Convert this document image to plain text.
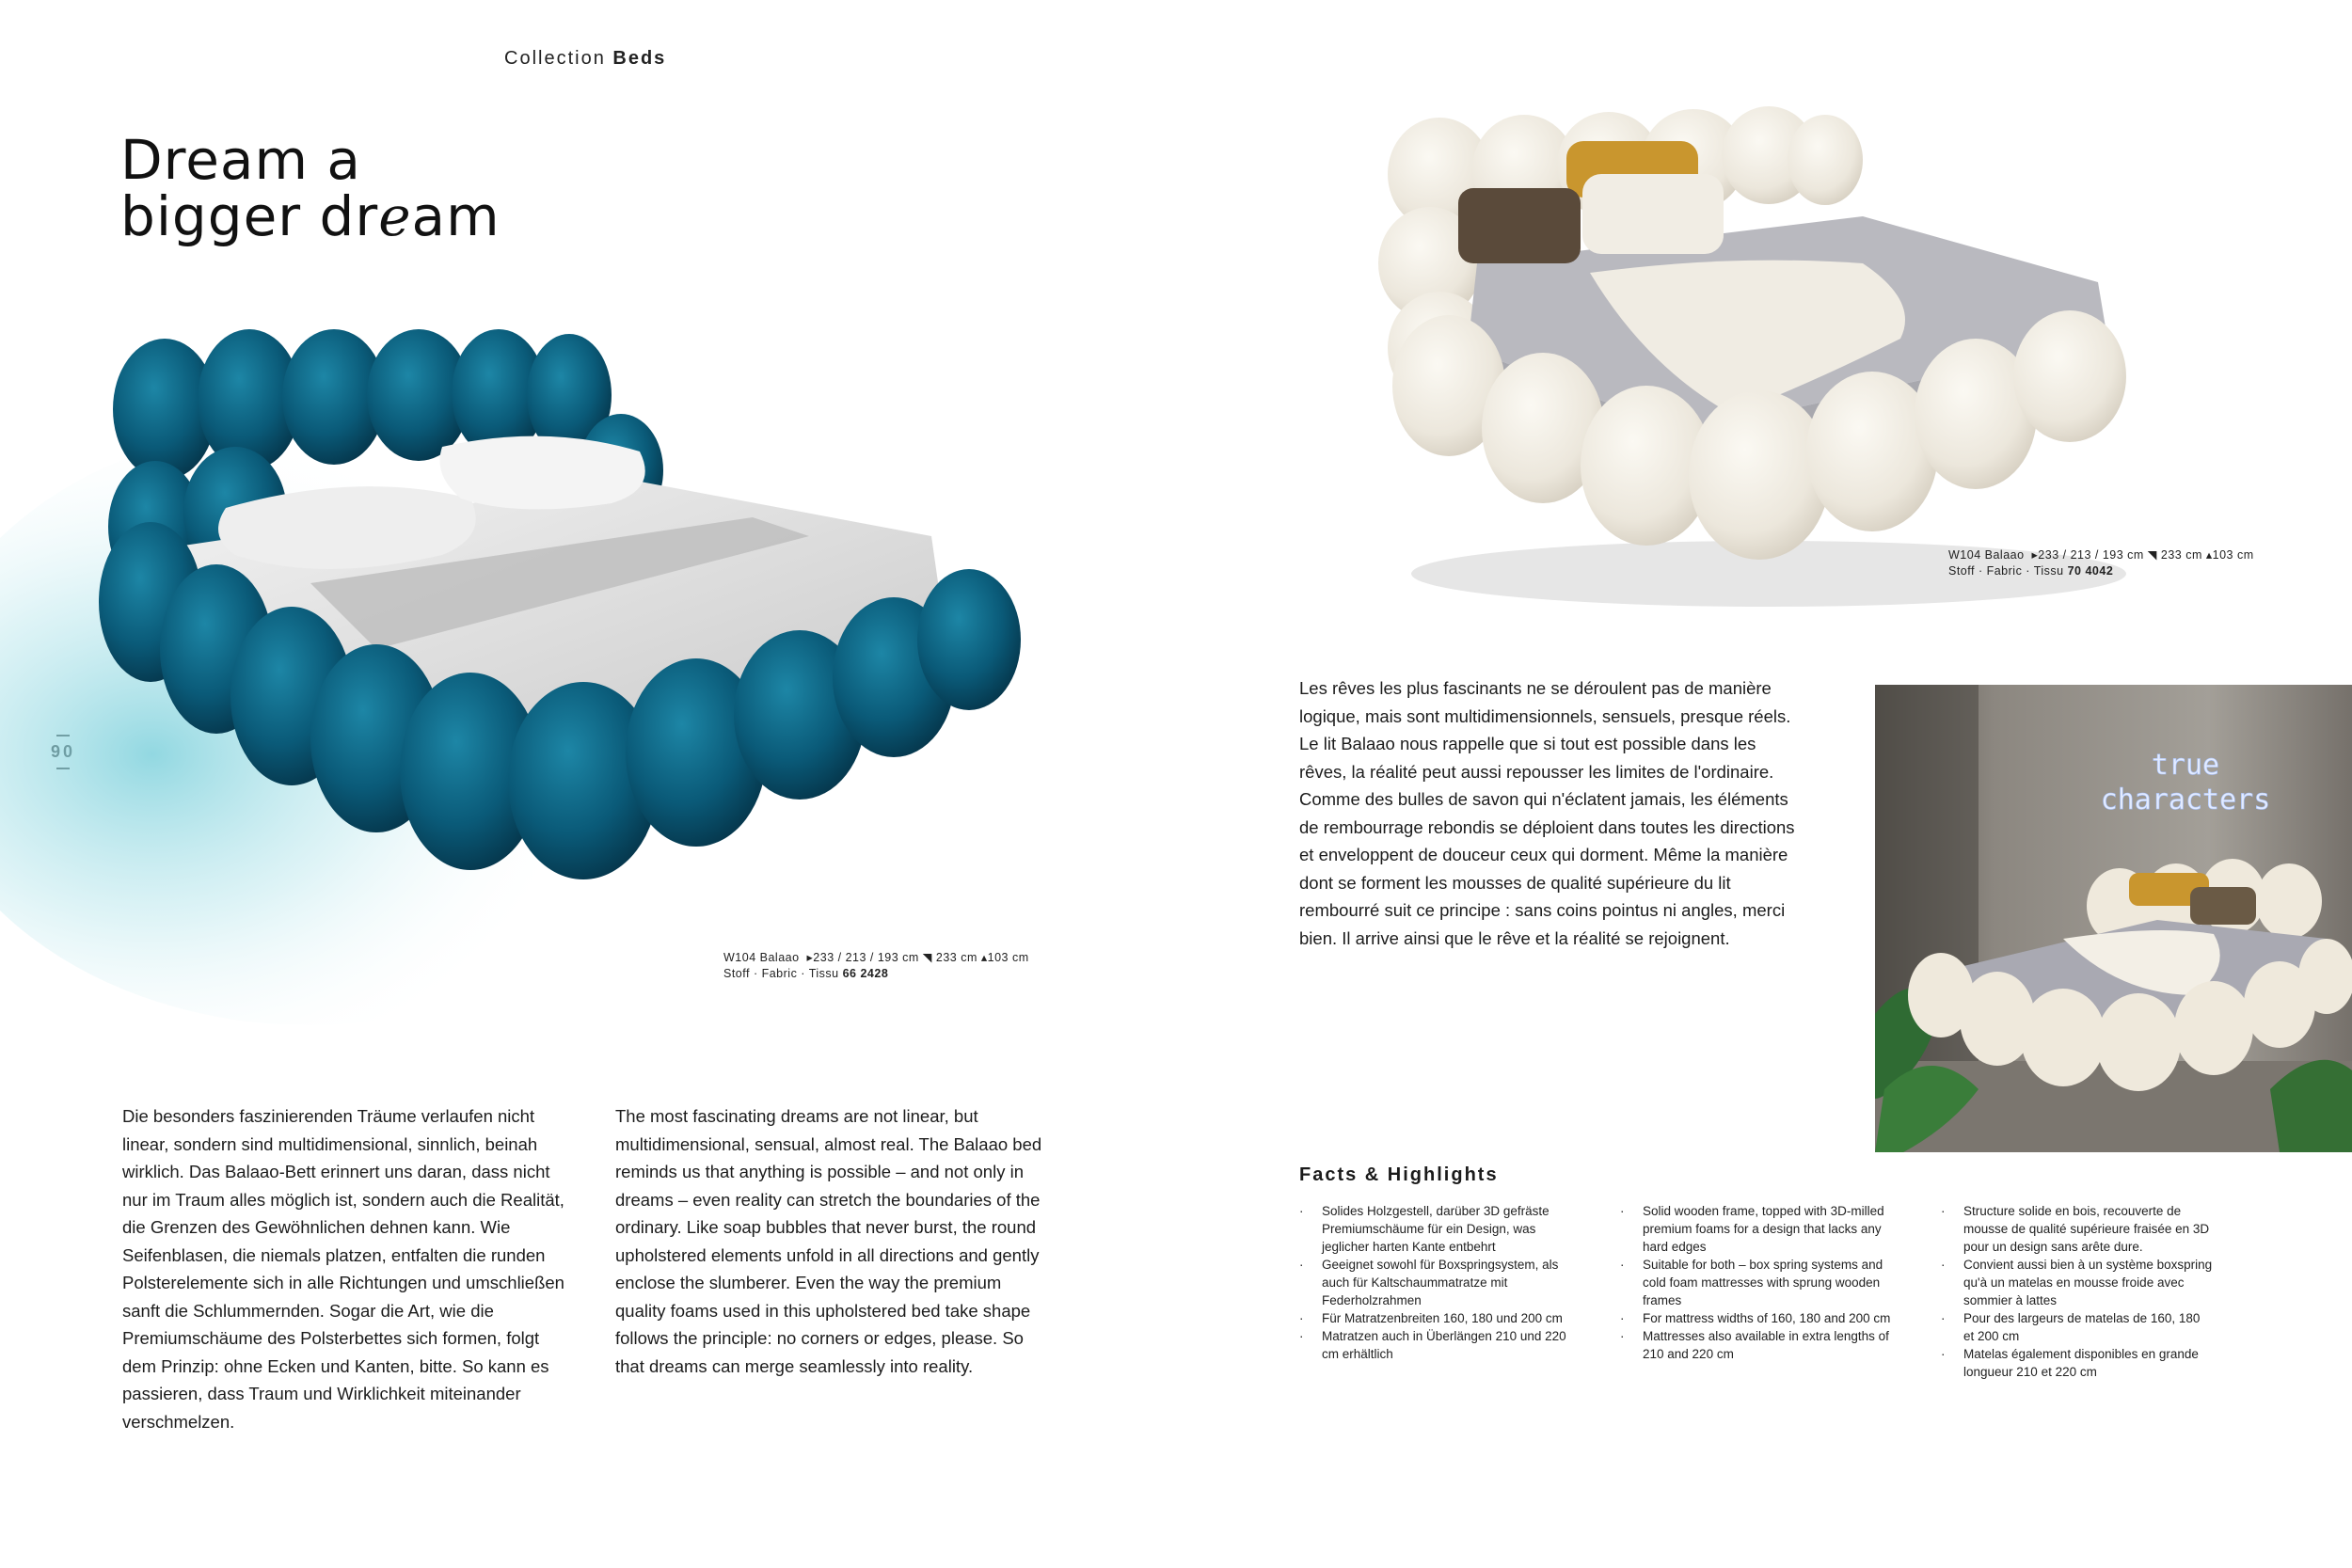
Collection Beds
Dream a
bigger dream
W104 Balaao ▸233 / 213 / 193 cm ◥ 233 cm ▴103 cm
Stoff · Fabric · Tissu 66 2428
Die besonders faszinierenden Träume verlaufen nicht linear, sondern sind multidimensional, sinnlich, beinah wirklich. Das Balaao-Bett erinnert uns daran, dass nicht nur im Traum alles möglich ist, sondern auch die Realität, die Grenzen des Gewöhnlichen dehnen kann. Wie Seifenblasen, die niemals platzen, entfalten die runden Polsterelemente sich in alle Richtungen und umschließen sanft die Schlummernden. Sogar die Art, wie die Premiumschäume des Polsterbettes sich formen, folgt dem Prinzip: ohne Ecken und Kanten, bitte. So kann es passieren, dass Traum und Wirklichkeit miteinander verschmelzen.
The most fascinating dreams are not linear, but multidimensional, sensual, almost real. The Balaao bed reminds us that anything is possible – and not only in dreams – even reality can stretch the boundaries of the ordinary. Like soap bubbles that never burst, the round upholstered elements unfold in all directions and gently enclose the slumberer. Even the way the premium quality foams used in this upholstered bed take shape follows the principle: no corners or edges, please. So that dreams can merge seamlessly into reality.
W104 Balaao ▸233 / 213 / 193 cm ◥ 233 cm ▴103 cm
Stoff · Fabric · Tissu 70 4042
Les rêves les plus fascinants ne se déroulent pas de manière logique, mais sont multidimensionnels, sensuels, presque réels. Le lit Balaao nous rappelle que si tout est possible dans les rêves, la réalité peut aussi repousser les limites de l'ordinaire. Comme des bulles de savon qui n'éclatent jamais, les éléments de rembourrage rebondis se déploient dans toutes les directions et enveloppent de douceur ceux qui dorment. Même la manière dont se forment les mousses de qualité supérieure du lit rembourré suit ce principe : sans coins pointus ni angles, merci bien. Il arrive ainsi que le rêve et la réalité se rejoignent.
true
characters
Facts & Highlights
· Solides Holzgestell, darüber 3D gefräste Premiumschäume für ein Design, was jeglicher harten Kante entbehrt
· Geeignet sowohl für Boxspringsystem, als auch für Kaltschaummatratze mit Federholzrahmen
· Für Matratzenbreiten 160, 180 und 200 cm
· Matratzen auch in Überlängen 210 und 220 cm erhältlich
· Solid wooden frame, topped with 3D-milled premium foams for a design that lacks any hard edges
· Suitable for both – box spring systems and cold foam mattresses with sprung wooden frames
· For mattress widths of 160, 180 and 200 cm
· Mattresses also available in extra lengths of 210 and 220 cm
· Structure solide en bois, recouverte de mousse de qualité supérieure fraisée en 3D pour un design sans arête dure.
· Convient aussi bien à un système boxspring qu'à un matelas en mousse froide avec sommier à lattes
· Pour des largeurs de matelas de 160, 180 et 200 cm
· Matelas également disponibles en grande longueur 210 et 220 cm
